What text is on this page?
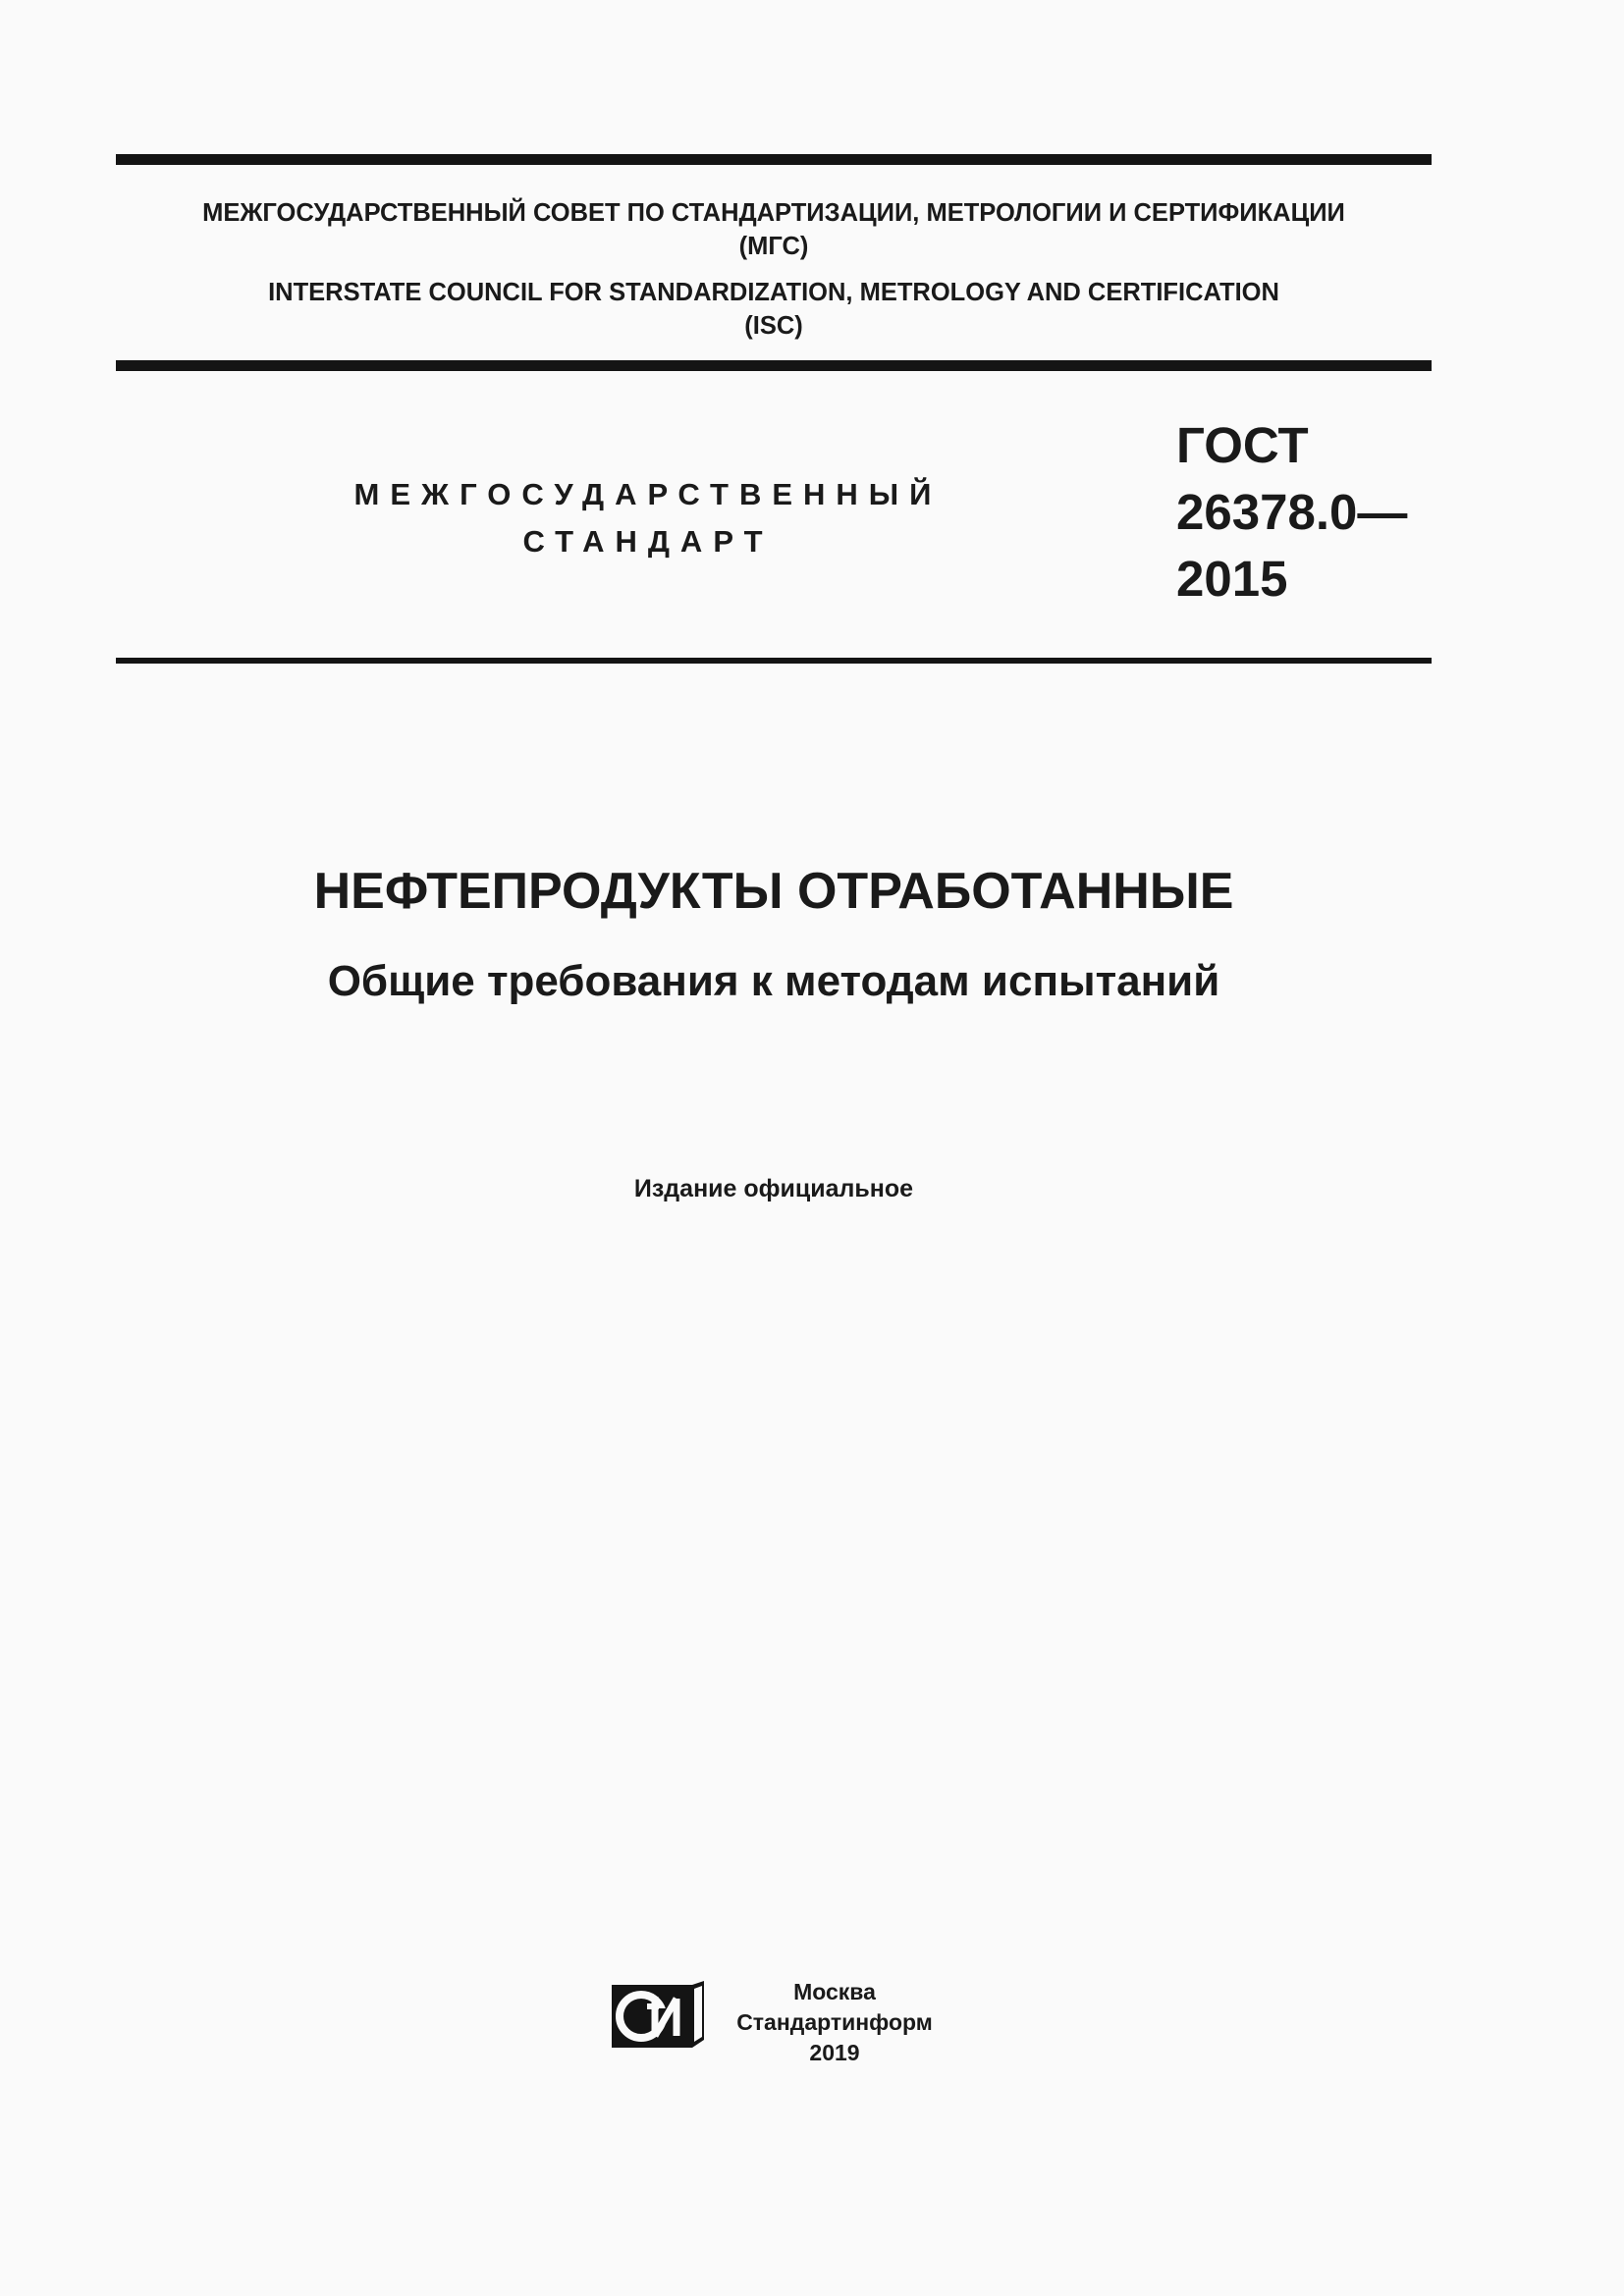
МЕЖГОСУДАРСТВЕННЫЙ СОВЕТ ПО СТАНДАРТИЗАЦИИ, МЕТРОЛОГИИ И СЕРТИФИКАЦИИ
(МГС)
INTERSTATE COUNCIL FOR STANDARDIZATION, METROLOGY AND CERTIFICATION
(ISC)
МЕЖГОСУДАРСТВЕННЫЙ
СТАНДАРТ
ГОСТ
26378.0—
2015
НЕФТЕПРОДУКТЫ ОТРАБОТАННЫЕ
Общие требования к методам испытаний
Издание официальное
Москва
Стандартинформ
2019
